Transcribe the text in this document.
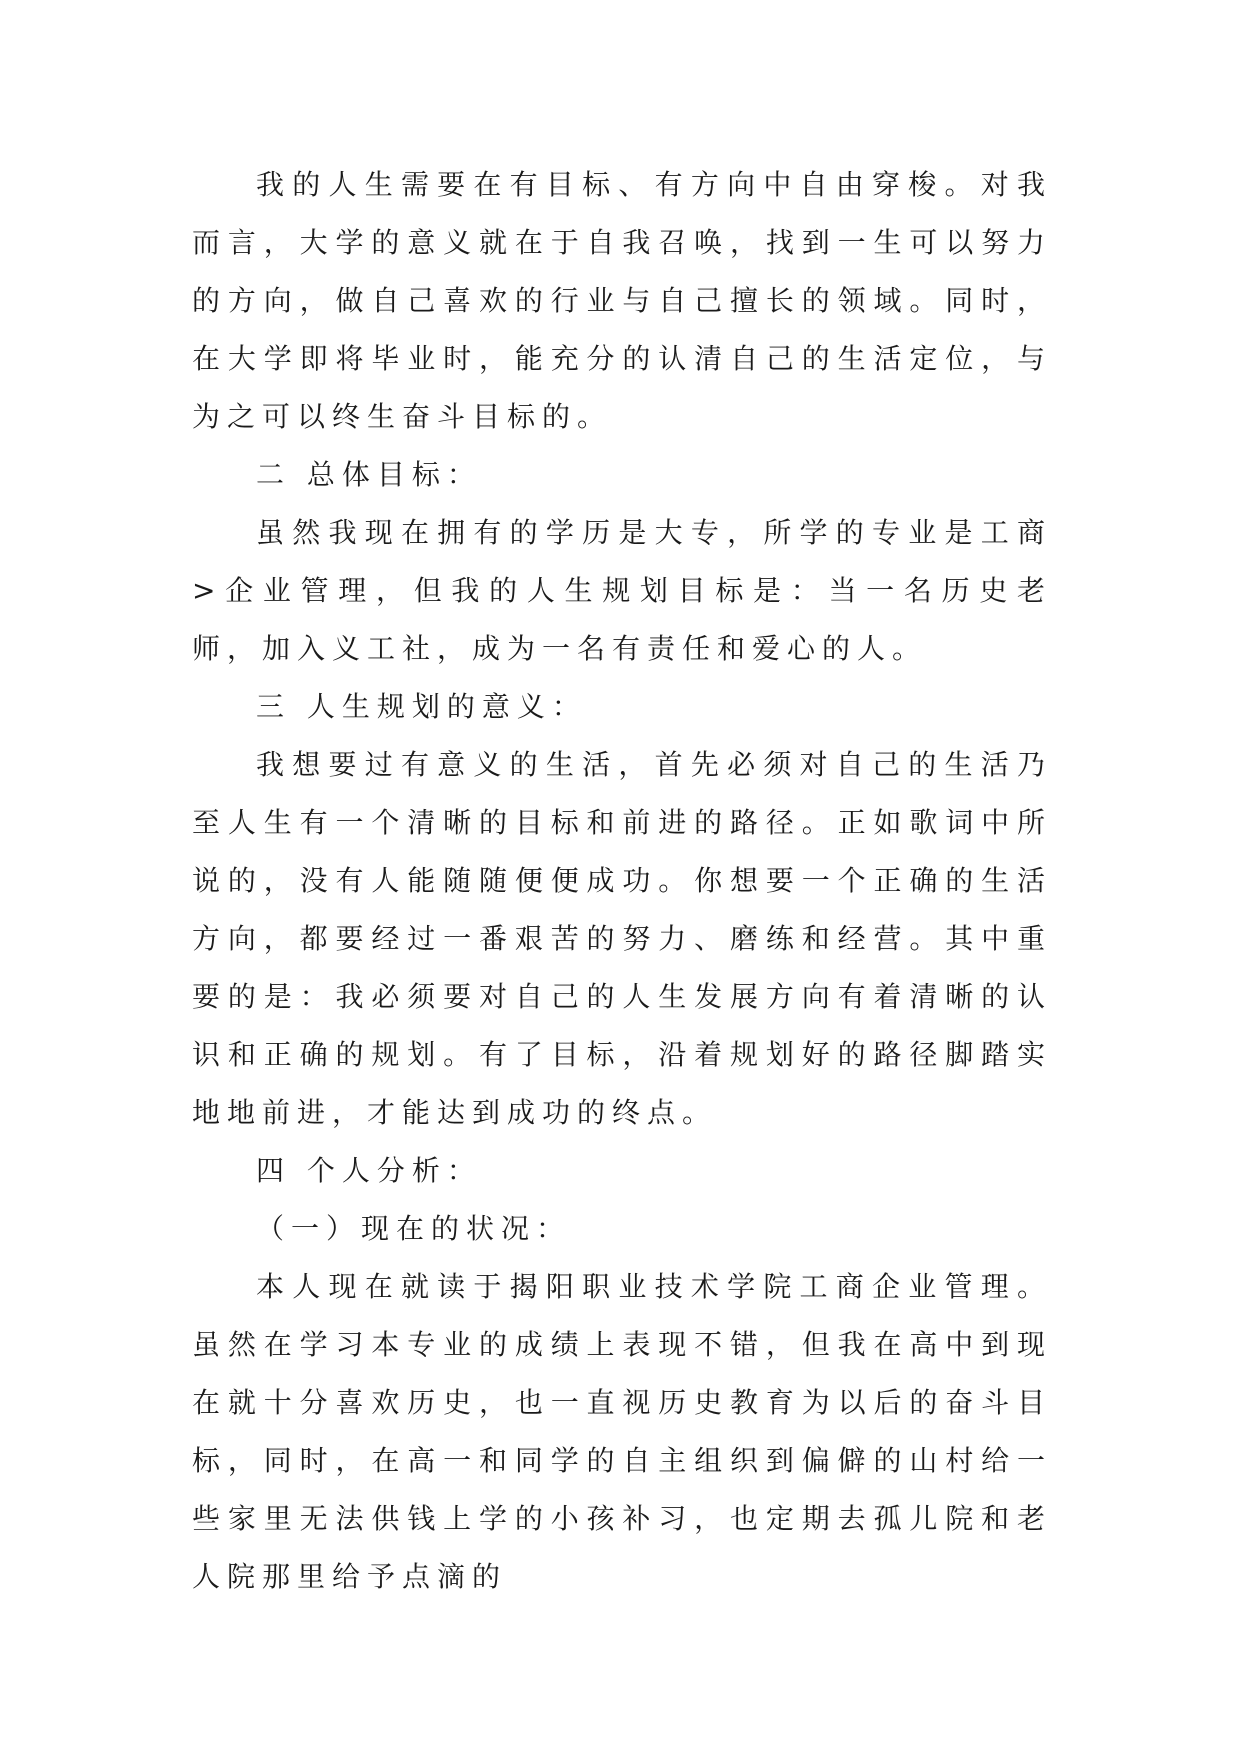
我的人生需要在有目标、有方向中自由穿梭。对我而言，大学的意义就在于自我召唤，找到一生可以努力的方向，做自己喜欢的行业与自己擅长的领域。同时，在大学即将毕业时，能充分的认清自己的生活定位，与为之可以终生奋斗目标的。

二 总体目标：

虽然我现在拥有的学历是大专，所学的专业是工商>企业管理，但我的人生规划目标是：当一名历史老师，加入义工社，成为一名有责任和爱心的人。

三 人生规划的意义：

我想要过有意义的生活，首先必须对自己的生活乃至人生有一个清晰的目标和前进的路径。正如歌词中所说的，没有人能随随便便成功。你想要一个正确的生活方向，都要经过一番艰苦的努力、磨练和经营。其中重要的是：我必须要对自己的人生发展方向有着清晰的认识和正确的规划。有了目标，沿着规划好的路径脚踏实地地前进，才能达到成功的终点。

四 个人分析：

（一）现在的状况：

本人现在就读于揭阳职业技术学院工商企业管理。虽然在学习本专业的成绩上表现不错，但我在高中到现在就十分喜欢历史，也一直视历史教育为以后的奋斗目标，同时，在高一和同学的自主组织到偏僻的山村给一些家里无法供钱上学的小孩补习，也定期去孤儿院和老人院那里给予点滴的
